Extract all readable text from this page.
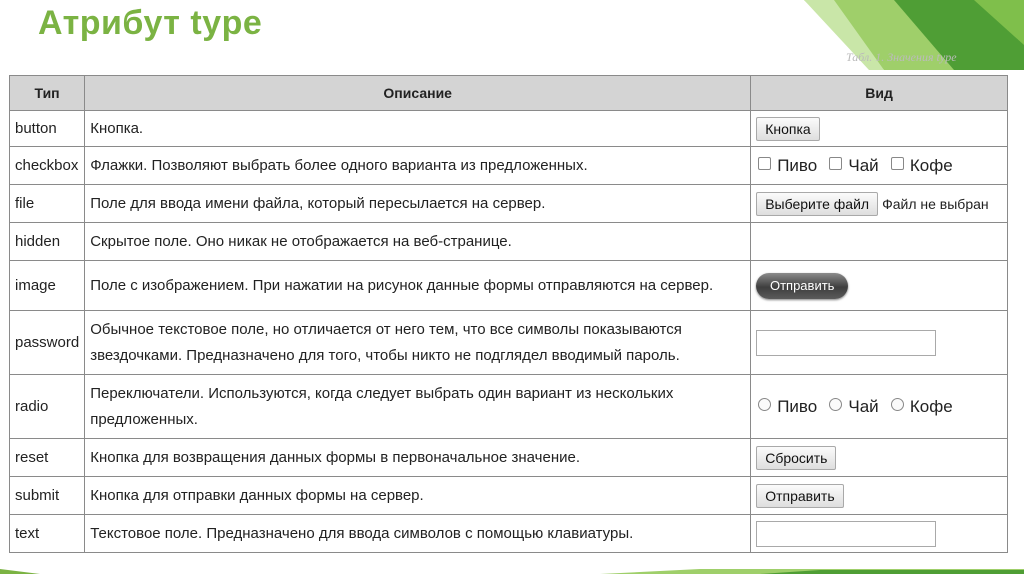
Атрибут type
Табл. 1. Значения type
Тип	Описание	Вид
button	Кнопка.	Кнопка
checkbox	Флажки. Позволяют выбрать более одного варианта из предложенных.	Пиво Чай Кофе
file	Поле для ввода имени файла, который пересылается на сервер.	Выберите файл Файл не выбран
hidden	Скрытое поле. Оно никак не отображается на веб-странице.	
image	Поле с изображением. При нажатии на рисунок данные формы отправляются на сервер.	Отправить
password	Обычное текстовое поле, но отличается от него тем, что все символы показываются
звездочками. Предназначено для того, чтобы никто не подглядел вводимый пароль.	

radio	Переключатели. Используются, когда следует выбрать один вариант из нескольких
предложенных.	Пиво Чай Кофе
reset	Кнопка для возвращения данных формы в первоначальное значение.	Сбросить
submit	Кнопка для отправки данных формы на сервер.	Отправить
text	Текстовое поле. Предназначено для ввода символов с помощью клавиатуры.	
